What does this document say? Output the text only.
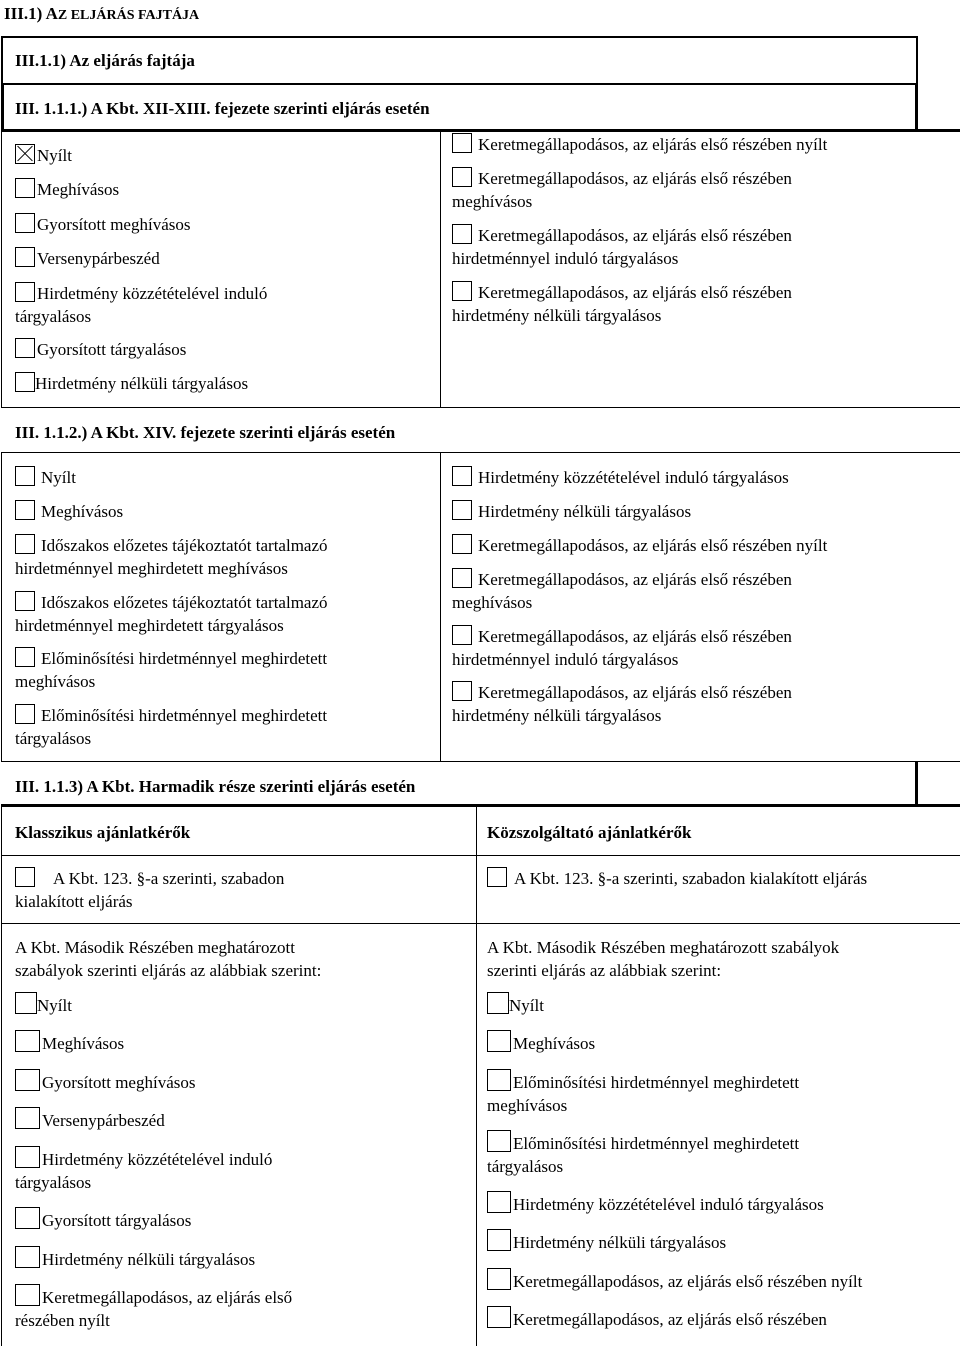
III.1) AZ ELJÁRÁS FAJTÁJA
III.1.1) Az eljárás fajtája
III. 1.1.1.) A Kbt. XII-XIII. fejezete szerinti eljárás esetén
Nyílt
Meghívásos
Gyorsított meghívásos
Versenypárbeszéd
Hirdetmény közzétételével induló
tárgyalásos
Gyorsított tárgyalásos
Hirdetmény nélküli tárgyalásos
Keretmegállapodásos, az eljárás első részében nyílt
Keretmegállapodásos, az eljárás első részében
meghívásos
Keretmegállapodásos, az eljárás első részében
hirdetménnyel induló tárgyalásos
Keretmegállapodásos, az eljárás első részében
hirdetmény nélküli tárgyalásos
III. 1.1.2.) A Kbt. XIV. fejezete szerinti eljárás esetén
Nyílt
Meghívásos
Időszakos előzetes tájékoztatót tartalmazó
hirdetménnyel meghirdetett meghívásos
Időszakos előzetes tájékoztatót tartalmazó
hirdetménnyel meghirdetett tárgyalásos
Előminősítési hirdetménnyel meghirdetett
meghívásos
Előminősítési hirdetménnyel meghirdetett
tárgyalásos
Hirdetmény közzétételével induló tárgyalásos
Hirdetmény nélküli tárgyalásos
Keretmegállapodásos, az eljárás első részében nyílt
Keretmegállapodásos, az eljárás első részében
meghívásos
Keretmegállapodásos, az eljárás első részében
hirdetménnyel induló tárgyalásos
Keretmegállapodásos, az eljárás első részében
hirdetmény nélküli tárgyalásos
III. 1.1.3) A Kbt. Harmadik része szerinti eljárás esetén
Klasszikus ajánlatkérők	Közszolgáltató ajánlatkérők
A Kbt. 123. §-a szerinti, szabadon
kialakított eljárás
A Kbt. 123. §-a szerinti, szabadon kialakított eljárás
A Kbt. Második Részében meghatározott
szabályok szerinti eljárás az alábbiak szerint:
A Kbt. Második Részében meghatározott szabályok
szerinti eljárás az alábbiak szerint:
Nyílt
Meghívásos
Gyorsított meghívásos
Versenypárbeszéd
Hirdetmény közzétételével induló
tárgyalásos
Gyorsított tárgyalásos
Hirdetmény nélküli tárgyalásos
Keretmegállapodásos, az eljárás első
részében nyílt
Nyílt
Meghívásos
Előminősítési hirdetménnyel meghirdetett
meghívásos
Előminősítési hirdetménnyel meghirdetett
tárgyalásos
Hirdetmény közzétételével induló tárgyalásos
Hirdetmény nélküli tárgyalásos
Keretmegállapodásos, az eljárás első részében nyílt
Keretmegállapodásos, az eljárás első részében
